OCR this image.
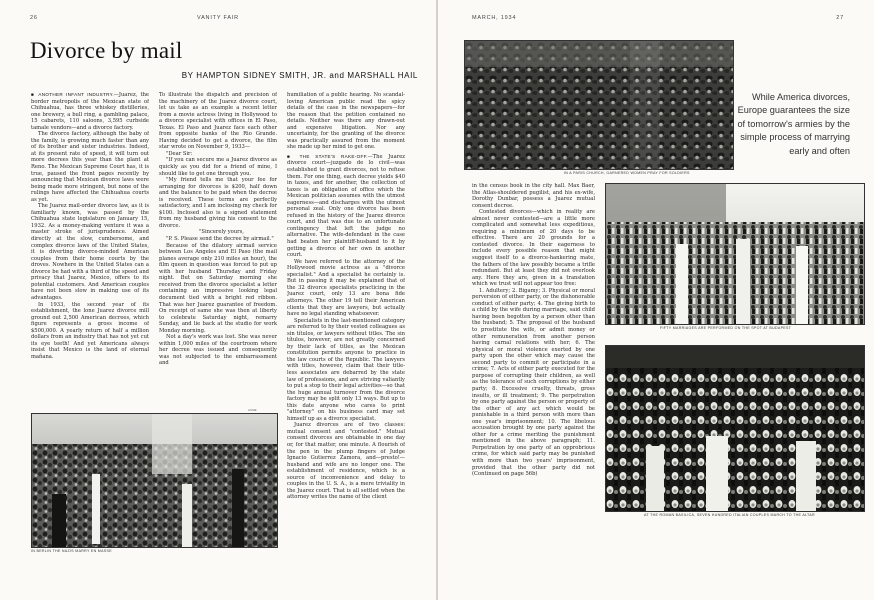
26	VANITY FAIR
Divorce by mail
BY HAMPTON SIDNEY SMITH, JR. and MARSHALL HAIL

■ ANOTHER INFANT INDUSTRY.—Juarez, the border metropolis of the Mexican state of Chihuahua, has three whiskey distilleries, one brewery, a bull ring, a gambling palace, 15 cabarets, 110 saloons, 3,595 curbside tamale vendors—and a divorce factory.

The divorce factory, although the baby of the family, is growing much faster than any of its brother and sister industries. Indeed, at its present rate of speed, it will turn out more decrees this year than the plant at Reno. The Mexican Supreme Court has, it is true, paused the front pages recently by announcing that Mexican divorce laws were being made more stringent, but none of the rulings have affected the Chihuahua courts as yet.

The Juarez mail-order divorce law, as it is familiarly known, was passed by the Chihuahua state legislature on January 15, 1932. As a money-making venture it was a master stroke of jurisprudence. Aimed directly at the slow, cumbersome, and complex divorce laws of the United States, it is diverting divorce-minded American couples from their home courts by the droves. Nowhere in the United States can a divorce be had with a third of the speed and privacy that Juarez, Mexico, offers to its potential customers. And American couples have not been slow in making use of its advantages.

In 1933, the second year of its establishment, the lone Juarez divorce mill ground out 2,500 American decrees, which figure represents a gross income of $500,000. A yearly return of half a million dollars from an industry that has not yet cut its eye teeth! And yet Americans always insist that Mexico is the land of eternal mañana.

To illustrate the dispatch and precision of the machinery of the Juarez divorce court, let us take as an example a recent letter from a movie actress living in Hollywood to a divorce specialist with offices in El Paso, Texas. El Paso and Juarez face each other from opposite banks of the Rio Grande. Having decided to get a divorce, the film star wrote on November 9, 1933—

"Dear Sir:

"If you can secure me a Juarez divorce as quickly as you did for a friend of mine, I should like to get one through you.

"My friend tells me that your fee for arranging for divorces is $200, half down and the balance to be paid when the decree is received. These terms are perfectly satisfactory, and I am inclosing my check for $100. Inclosed also is a signed statement from my husband giving his consent to the divorce.

"Sincerely yours,

"P. S. Please send the decree by airmail."

Because of the dilatory airmail service between Los Angeles and El Paso (the mail planes average only 210 miles an hour), the film queen in question was forced to put up with her husband Thursday and Friday night. But on Saturday morning she received from the divorce specialist a letter containing an impressive looking legal document tied with a bright red ribbon. That was her Juarez guarantee of freedom. On receipt of same she was then at liberty to celebrate Saturday night, remarry Sunday, and lie back at the studio for work Monday morning.

Not a day's work was lost. She was never within 1,000 miles of the courtroom where her decree was issued and consequently was not subjected to the embarrassment and

humiliation of a public hearing. No scandal-loving American public read the spicy details of the case in the newspapers—for the reason that the petition contained no details. Neither was there any drawn-out and expensive litigation. Nor any uncertainty, for the granting of the divorce was practically assured from the moment she made up her mind to get one.

■ THE STATE'S RAKE-OFF.—The Juarez divorce court—juzgado de lo civil—was established to grant divorces, not to refuse them. For one thing, each decree yields $40 in taxes, and for another, the collection of taxes is an obligation of office which the Mexican politician assumes with the utmost eagerness—and discharges with the utmost personal zeal. Only one divorce has been refused in the history of the Juarez divorce court, and that was due to an unfortunate contingency that left the judge no alternative. The wife-defendant in the case had beaten her plaintiff-husband to it by getting a divorce of her own in another court.

We have referred to the attorney of the Hollywood movie actress as a "divorce specialist." And a specialist he certainly is. But in passing it may be explained that of the 32 divorce specialists practicing in the Juarez court, only 13 are bona fide attorneys. The other 19 tell their American clients that they are lawyers, but actually have no legal standing whatsoever.

Specialists in the last-mentioned category are referred to by their vested colleagues as sin títulos, or lawyers without titles. The sin títulos, however, are not greatly concerned by their lack of titles, as the Mexican constitution permits anyone to practice in the law courts of the Republic. The lawyers with titles, however, claim that their title-less associates are debarred by the state law of professions, and are striving valiantly to put a stop to their legal activities—so that the huge annual turnover from the divorce factory may be split only 13 ways. But up to this date anyone who cares to print "attorney" on his business card may set himself up as a divorce specialist.

Juarez divorces are of two classes: mutual consent and "contested." Mutual consent divorces are obtainable in one day or, for that matter, one minute. A flourish of the pen in the plump fingers of Judge Ignacio Gutierrez Zamora, and—presto!—husband and wife are no longer one. The establishment of residence, which is a source of inconvenience and delay to couples in the U. S. A., is a mere triviality in the Juarez court. That is all settled when the attorney writes the name of the client

ACME
IN BERLIN THE NAZIS MARRY EN MASSE
MARCH, 1934	27
IN A PARIS CHURCH, GARNERED WOMEN PRAY FOR SOLDIERS
While America divorces, Europe guarantees the size of tomorrow's armies by the simple process of marrying early and often

in the census book in the city hall. Max Baer, the Atlas-shouldered pugilist, and his ex-wife, Dorothy Dunbar, possess a Juarez mutual consent decree.

Contested divorces—which in reality are almost never contested—are a little more complicated and somewhat less expeditious, requiring a minimum of 20 days to be effective. There are 20 grounds for a contested divorce. In their eagerness to include every possible reason that might suggest itself to a divorce-hankering mate, the fathers of the law possibly became a trifle redundant. But at least they did not overlook any. Here they are, given in a translation which we trust will not appear too free:

1. Adultery; 2. Bigamy; 3. Physical or moral perversion of either party, or the dishonorable conduct of either party; 4. The giving birth to a child by the wife during marriage, said child having been begotten by a person other than the husband; 5. The proposal of the husband to prostitute the wife, or admit money or other remuneration from another person having carnal relations with her; 6. The physical or moral violence exerted by one party upon the other which may cause the second party to commit or participate in a crime; 7. Acts of either party executed for the purpose of corrupting their children, as well as the tolerance of such corruptions by either party; 8. Excessive cruelty, threats, gross insults, or ill treatment; 9. The perpetration by one party against the person or property of the other of any act which would be punishable in a third person with more than one year's imprisonment; 10. The libelous accusation brought by one party against the other for a crime meriting the punishment mentioned in the above paragraph; 11. Perpetration by one party of an opprobrious crime, for which said party may be punished with more than two years' imprisonment, provided that the other party did not (Continued on page 56b)

FIFTY MARRIAGES ARE PERFORMED ON THE SPOT AT BUDAPEST
AT THE ROMAN BASILICA, SEVEN HUNDRED ITALIAN COUPLES MARCH TO THE ALTAR
